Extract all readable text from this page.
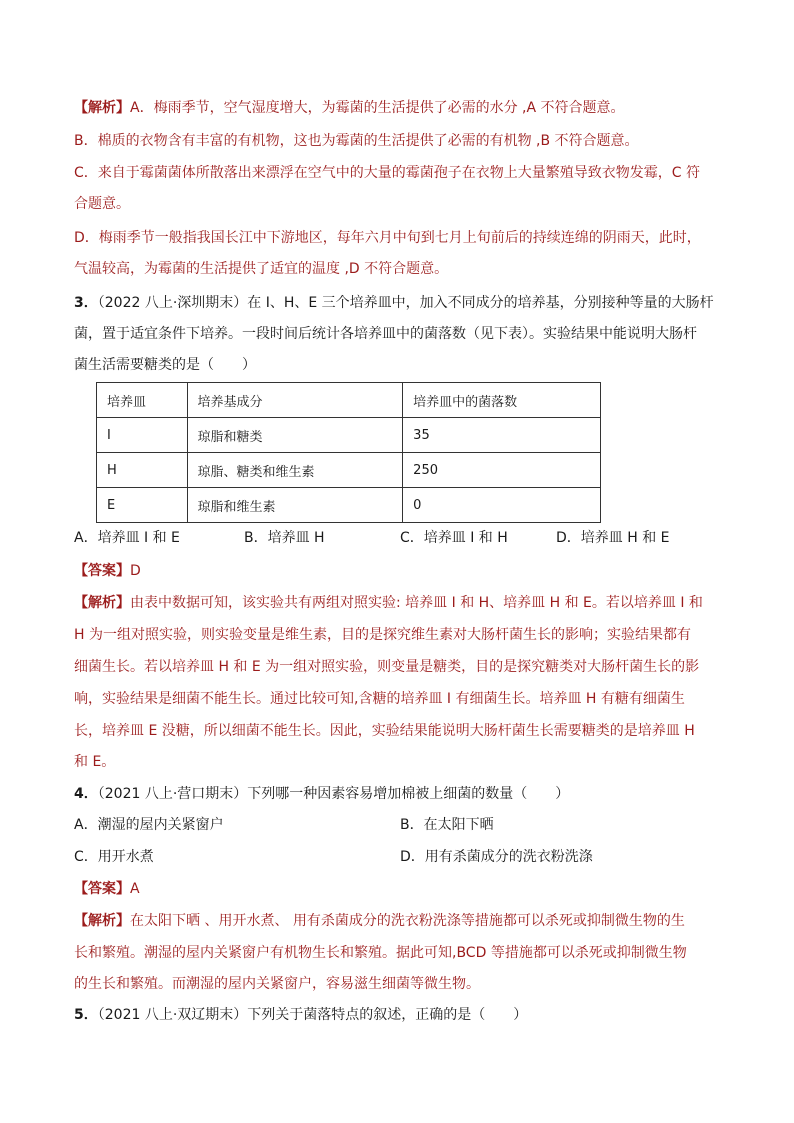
【解析】A．梅雨季节，空气湿度增大，为霉菌的生活提供了必需的水分 ,A 不符合题意。
B．棉质的衣物含有丰富的有机物，这也为霉菌的生活提供了必需的有机物 ,B 不符合题意。
C．来自于霉菌菌体所散落出来漂浮在空气中的大量的霉菌孢子在衣物上大量繁殖导致衣物发霉，C 符
合题意。
D．梅雨季节一般指我国长江中下游地区，每年六月中旬到七月上旬前后的持续连绵的阴雨天，此时，
气温较高，为霉菌的生活提供了适宜的温度 ,D 不符合题意。
3．（2022 八上·深圳期末）在 I、H、E 三个培养皿中，加入不同成分的培养基，分别接种等量的大肠杆
菌，置于适宜条件下培养。一段时间后统计各培养皿中的菌落数（见下表）。实验结果中能说明大肠杆
菌生活需要糖类的是（　　）
培养皿	培养基成分	培养皿中的菌落数
I	琼脂和糖类	35
H	琼脂、糖类和维生素	250
E	琼脂和维生素	0
A．培养皿 I 和 E	B．培养皿 H	C．培养皿 I 和 H	D．培养皿 H 和 E
【答案】D
【解析】由表中数据可知，该实验共有两组对照实验: 培养皿 I 和 H、培养皿 H 和 E。若以培养皿 I 和
H 为一组对照实验，则实验变量是维生素，目的是探究维生素对大肠杆菌生长的影响；实验结果都有
细菌生长。若以培养皿 H 和 E 为一组对照实验，则变量是糖类，目的是探究糖类对大肠杆菌生长的影
响，实验结果是细菌不能生长。通过比较可知,含糖的培养皿 I 有细菌生长。培养皿 H 有糖有细菌生
长，培养皿 E 没糖，所以细菌不能生长。因此，实验结果能说明大肠杆菌生长需要糖类的是培养皿 H
和 E。
4．（2021 八上·营口期末）下列哪一种因素容易增加棉被上细菌的数量（　　）
A．潮湿的屋内关紧窗户	B．在太阳下晒
C．用开水煮	D．用有杀菌成分的洗衣粉洗涤
【答案】A
【解析】在太阳下晒 、用开水煮、 用有杀菌成分的洗衣粉洗涤等措施都可以杀死或抑制微生物的生
长和繁殖。潮湿的屋内关紧窗户有机物生长和繁殖。据此可知,BCD 等措施都可以杀死或抑制微生物
的生长和繁殖。而潮湿的屋内关紧窗户，容易滋生细菌等微生物。
5．（2021 八上·双辽期末）下列关于菌落特点的叙述，正确的是（　　）
